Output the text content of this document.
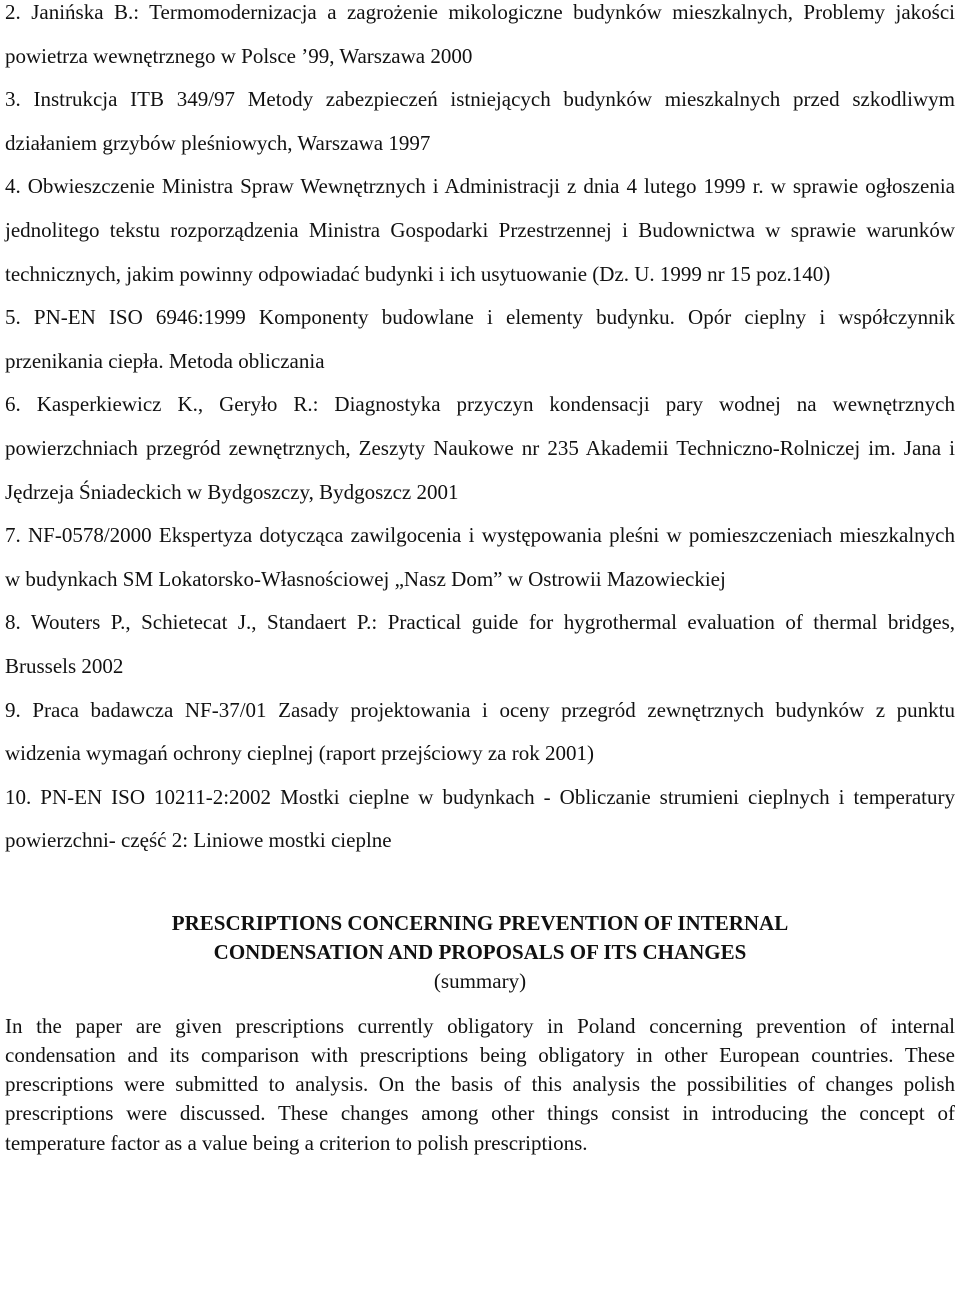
2. Janińska B.: Termomodernizacja a zagrożenie mikologiczne budynków mieszkalnych, Problemy jakości powietrza wewnętrznego w Polsce ’99, Warszawa 2000

3. Instrukcja ITB 349/97 Metody zabezpieczeń istniejących budynków mieszkalnych przed szkodliwym działaniem grzybów pleśniowych, Warszawa 1997

4. Obwieszczenie Ministra Spraw Wewnętrznych i Administracji z dnia 4 lutego 1999 r. w sprawie ogłoszenia jednolitego tekstu rozporządzenia Ministra Gospodarki Przestrzennej i Budownictwa w sprawie warunków technicznych, jakim powinny odpowiadać budynki i ich usytuowanie (Dz. U. 1999 nr 15 poz.140)

5. PN-EN ISO 6946:1999 Komponenty budowlane i elementy budynku. Opór cieplny i współczynnik przenikania ciepła. Metoda obliczania

6. Kasperkiewicz K., Geryło R.: Diagnostyka przyczyn kondensacji pary wodnej na wewnętrznych powierzchniach przegród zewnętrznych, Zeszyty Naukowe nr 235 Akademii Techniczno-Rolniczej im. Jana i Jędrzeja Śniadeckich w Bydgoszczy, Bydgoszcz 2001

7. NF-0578/2000 Ekspertyza dotycząca zawilgocenia i występowania pleśni w pomieszczeniach mieszkalnych w budynkach SM Lokatorsko-Własnościowej „Nasz Dom” w Ostrowii Mazowieckiej

8. Wouters P., Schietecat J., Standaert P.: Practical guide for hygrothermal evaluation of thermal bridges, Brussels 2002

9. Praca badawcza NF-37/01 Zasady projektowania i oceny przegród zewnętrznych budynków z punktu widzenia wymagań ochrony cieplnej (raport przejściowy za rok 2001)

10. PN-EN ISO 10211-2:2002 Mostki cieplne w budynkach - Obliczanie strumieni cieplnych i temperatury powierzchni- część 2: Liniowe mostki cieplne

PRESCRIPTIONS CONCERNING PREVENTION OF INTERNAL
CONDENSATION AND PROPOSALS OF ITS CHANGES
(summary)

In the paper are given prescriptions currently obligatory in Poland concerning prevention of internal condensation and its comparison with prescriptions being obligatory in other European countries. These prescriptions were submitted to analysis. On the basis of this analysis the possibilities of changes polish prescriptions were discussed. These changes among other things consist in introducing the concept of temperature factor as a value being a criterion to polish prescriptions.
